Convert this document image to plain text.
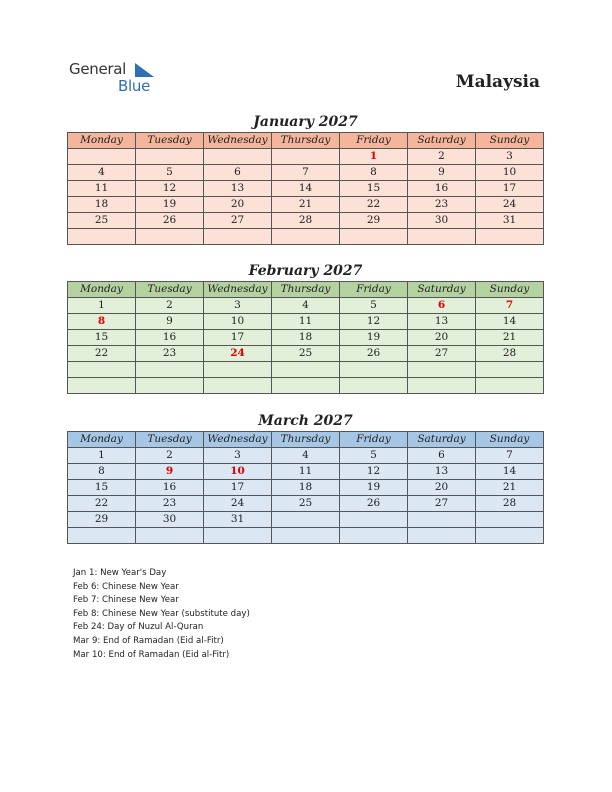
General
Blue	Malaysia
January 2027
Monday	Tuesday	Wednesday	Thursday	Friday	Saturday	Sunday
				1	2	3
4	5	6	7	8	9	10
11	12	13	14	15	16	17
18	19	20	21	22	23	24
25	26	27	28	29	30	31

February 2027
Monday	Tuesday	Wednesday	Thursday	Friday	Saturday	Sunday
1	2	3	4	5	6	7
8	9	10	11	12	13	14
15	16	17	18	19	20	21
22	23	24	25	26	27	28

March 2027
Monday	Tuesday	Wednesday	Thursday	Friday	Saturday	Sunday
1	2	3	4	5	6	7
8	9	10	11	12	13	14
15	16	17	18	19	20	21
22	23	24	25	26	27	28
29	30	31				

Jan 1: New Year's Day
Feb 6: Chinese New Year
Feb 7: Chinese New Year
Feb 8: Chinese New Year (substitute day)
Feb 24: Day of Nuzul Al-Quran
Mar 9: End of Ramadan (Eid al-Fitr)
Mar 10: End of Ramadan (Eid al-Fitr)
